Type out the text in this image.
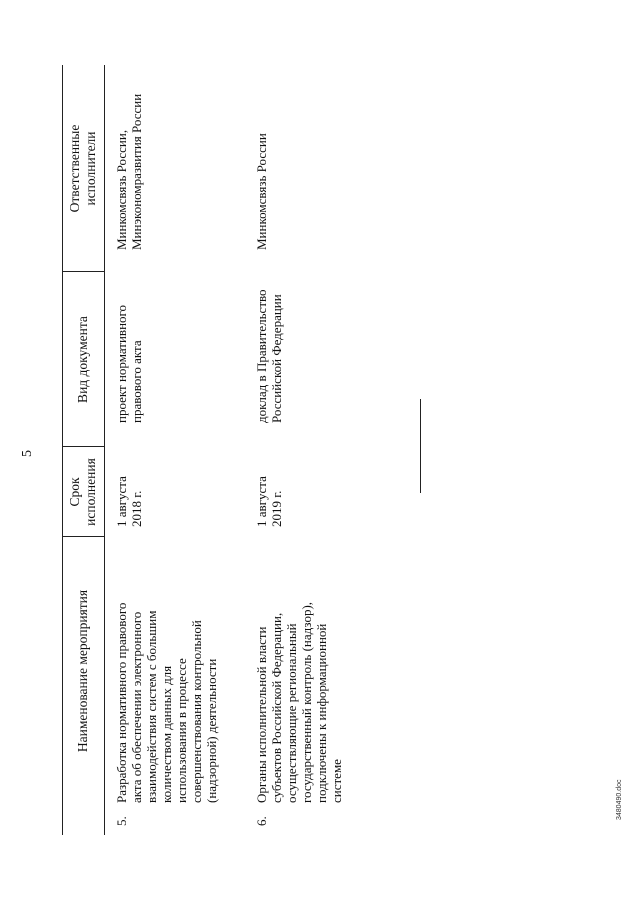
5
Наименование мероприятия
Срок исполнения
Вид документа
Ответственные исполнители
5.
Разработка нормативного правового акта об обеспечении электронного взаимодействия систем с большим количеством данных для использования в процессе совершенствования контрольной (надзорной) деятельности
1 августа 2018 г.
проект нормативного правового акта
Минкомсвязь России, Минэкономразвития России
6.
Органы исполнительной власти субъектов Российской Федерации, осуществляющие региональный государственный контроль (надзор), подключены к информационной системе
1 августа 2019 г.
доклад в Правительство Российской Федерации
Минкомсвязь России
3480490.doc
